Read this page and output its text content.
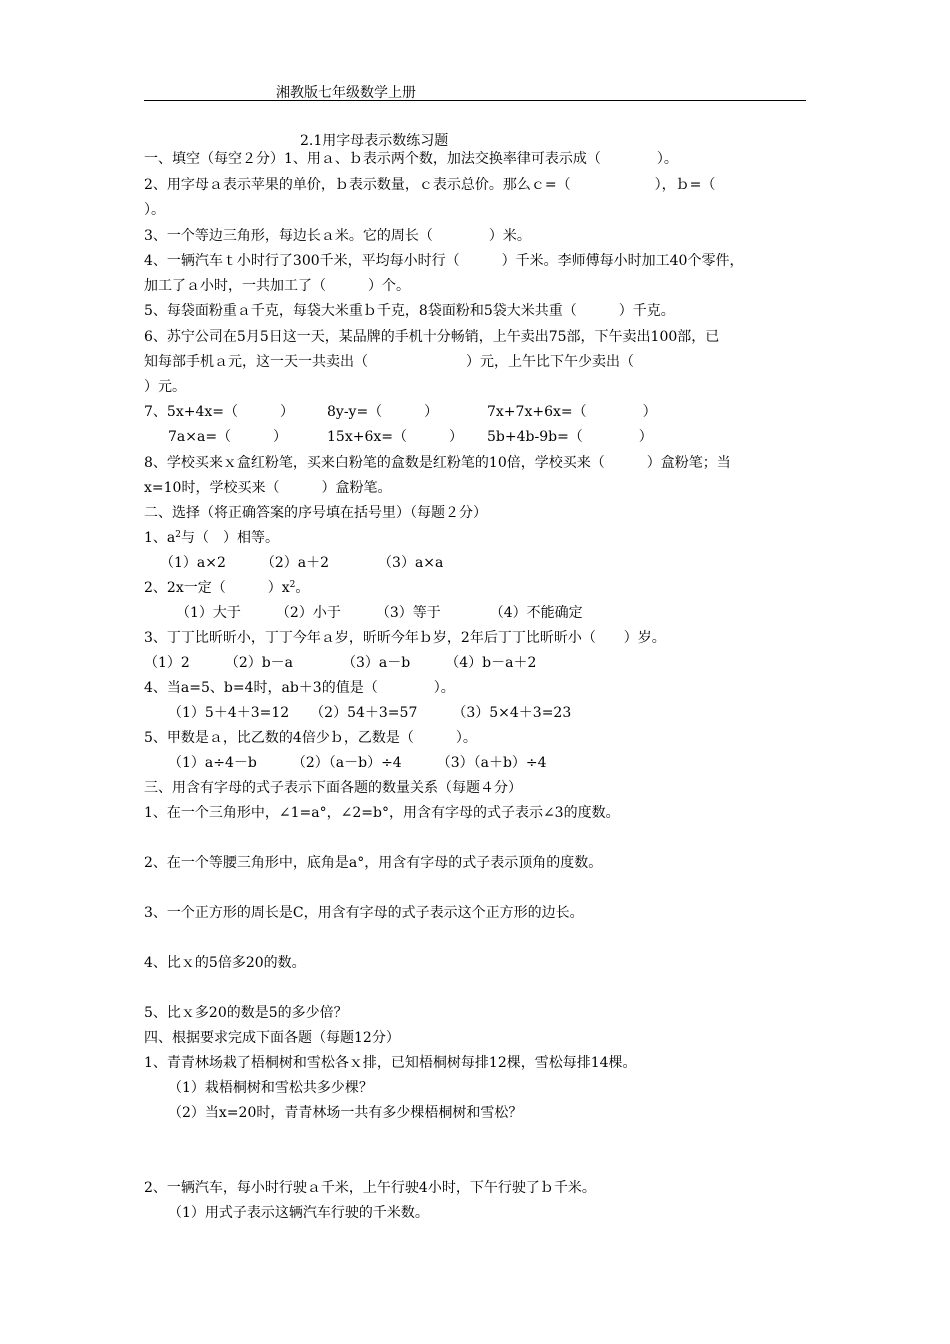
湘教版七年级数学上册
2.1用字母表示数练习题
一、填空（每空２分）1、用ａ、ｂ表示两个数，加法交换率律可表示成（　　　　）。
2、用字母ａ表示苹果的单价，ｂ表示数量，ｃ表示总价。那么ｃ=（　　　　　　），ｂ=（
）。
3、一个等边三角形，每边长ａ米。它的周长（　　　　）米。
4、一辆汽车ｔ小时行了300千米，平均每小时行（　　　）千米。李师傅每小时加工40个零件，
加工了ａ小时，一共加工了（　　　）个。
5、每袋面粉重ａ千克，每袋大米重ｂ千克，8袋面粉和5袋大米共重（　　　）千克。
6、苏宁公司在5月5日这一天，某品牌的手机十分畅销，上午卖出75部，下午卖出100部，已
知每部手机ａ元，这一天一共卖出（　　　　　　　）元，上午比下午少卖出（
）元。
7、5x+4x=（　　　） 8y-y=（　　　）	7x+7x+6x=（　　　　）
7a×a=（　　　）	15x+6x=（　　　） 5b+4b-9b=（　　　　）
8、学校买来ｘ盒红粉笔，买来白粉笔的盒数是红粉笔的10倍，学校买来（　　　）盒粉笔；当
x=10时，学校买来（　　　）盒粉笔。
二、选择（将正确答案的序号填在括号里）（每题２分）
1、$a^2$与（　）相等。
（1）a×2　　　（2）a＋2　　　　（3）a×a
2、2x一定（　　　）$x^2$。
（1）大于　　　（2）小于　　　（3）等于　　　　（4）不能确定
3、丁丁比昕昕小，丁丁今年ａ岁，昕昕今年ｂ岁，2年后丁丁比昕昕小（　　）岁。
（1）2　　　（2）b－a　　　　（3）a－b　　　（4）b－a＋2
4、当a=5、b=4时，ab＋3的值是（　　　　）。
（1）5＋4＋3=12　　（2）54＋3=57　　　（3）5×4＋3=23
5、甲数是ａ，比乙数的4倍少ｂ，乙数是（　　　）。
（1）a÷4－b　　　（2）（a－b）÷4　　　（3）（a＋b）÷4
三、用含有字母的式子表示下面各题的数量关系（每题４分）
1、在一个三角形中，∠1=a°，∠2=b°，用含有字母的式子表示∠3的度数。
2、在一个等腰三角形中，底角是a°，用含有字母的式子表示顶角的度数。
3、一个正方形的周长是C，用含有字母的式子表示这个正方形的边长。
4、比ｘ的5倍多20的数。
5、比ｘ多20的数是5的多少倍？
四、根据要求完成下面各题（每题12分）
1、青青林场栽了梧桐树和雪松各ｘ排，已知梧桐树每排12棵，雪松每排14棵。
（1）栽梧桐树和雪松共多少棵？
（2）当x=20时，青青林场一共有多少棵梧桐树和雪松？
2、一辆汽车，每小时行驶ａ千米，上午行驶4小时，下午行驶了ｂ千米。
（1）用式子表示这辆汽车行驶的千米数。
